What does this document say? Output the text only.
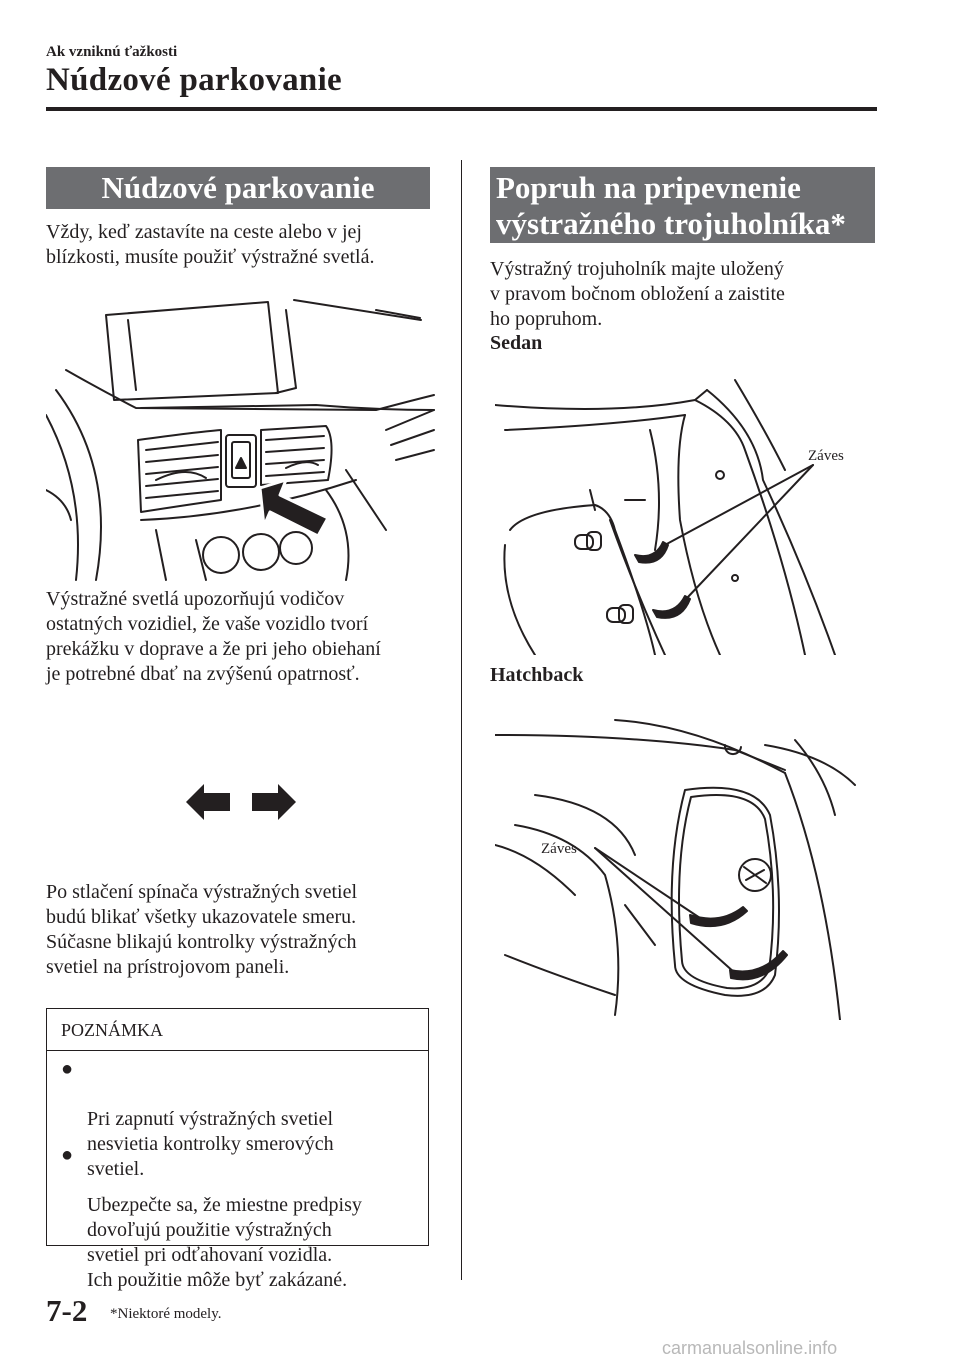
Ak vzniknú ťažkosti
Núdzové parkovanie
Núdzové parkovanie
Vždy, keď zastavíte na ceste alebo v jej
blízkosti, musíte použiť výstražné svetlá.
Výstražné svetlá upozorňujú vodičov
ostatných vozidiel, že vaše vozidlo tvorí
prekážku v doprave a že pri jeho obiehaní
je potrebné dbať na zvýšenú opatrnosť.
Po stlačení spínača výstražných svetiel
budú blikať všetky ukazovatele smeru.
Súčasne blikajú kontrolky výstražných
svetiel na prístrojovom paneli.
POZNÁMKA

●

Pri zapnutí výstražných svetiel
nesvietia kontrolky smerových
svetiel.

●

Ubezpečte sa, že miestne predpisy
dovoľujú použitie výstražných
svetiel pri odťahovaní vozidla.
Ich použitie môže byť zakázané.

Popruh na pripevnenie
výstražného trojuholníka*
Výstražný trojuholník majte uložený
v pravom bočnom obložení a zaistite
ho popruhom.
Sedan
Záves
Hatchback
Záves
7-2 *Niektoré modely.
carmanualsonline.info
